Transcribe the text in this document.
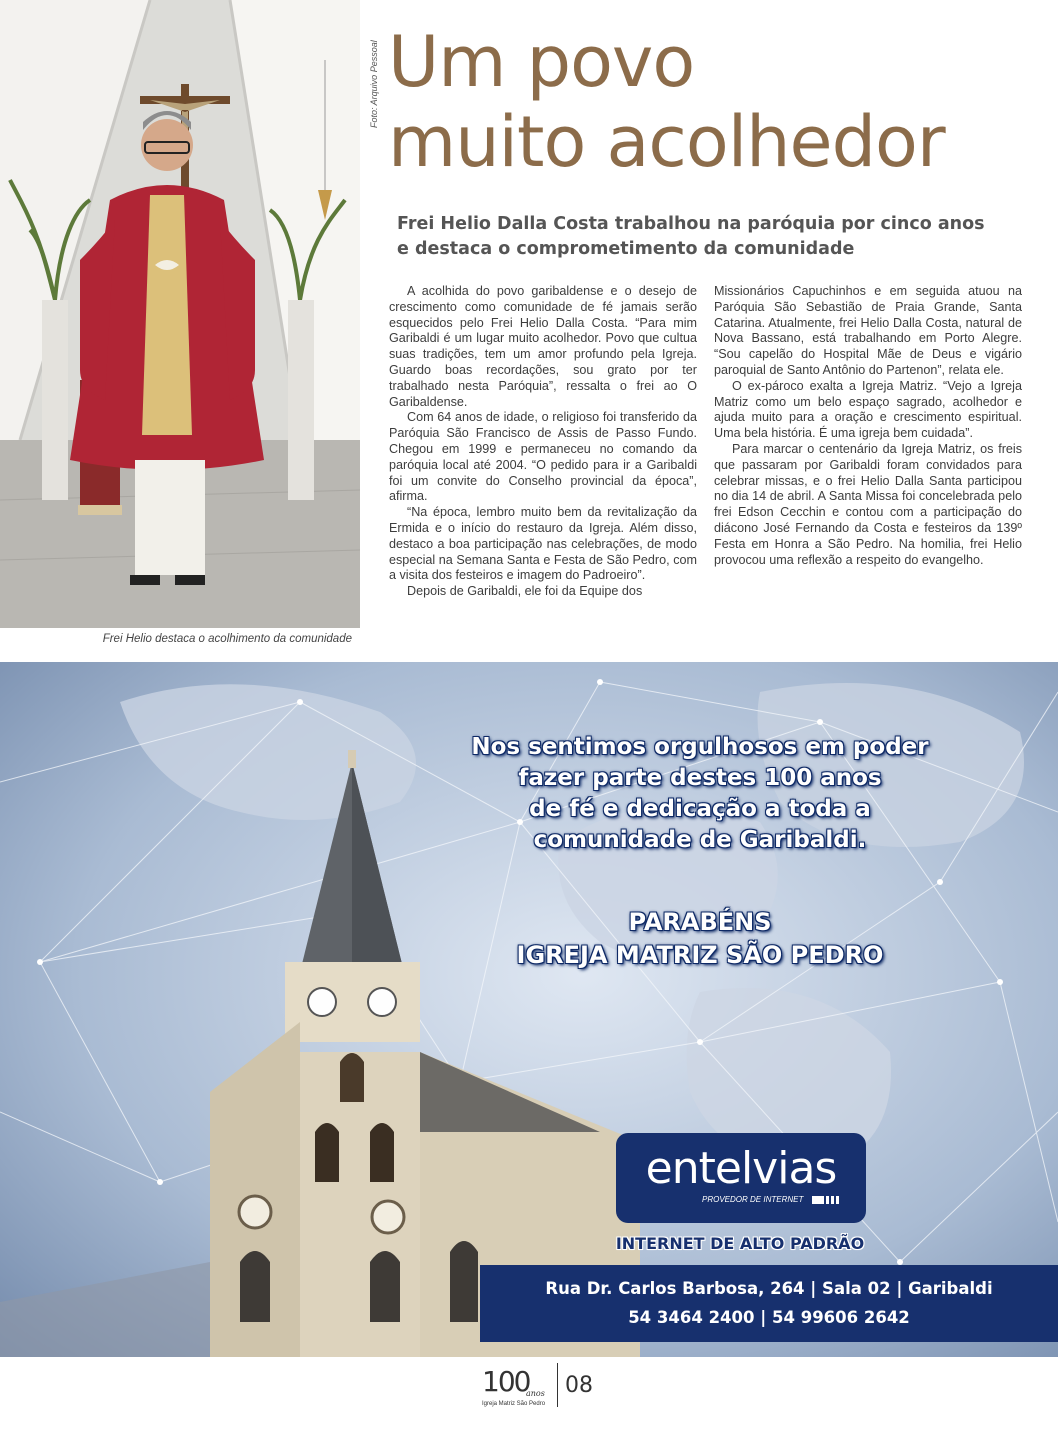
Foto: Arquivo Pessoal
Frei Helio destaca o acolhimento da comunidade
Um povo
muito acolhedor
Frei Helio Dalla Costa trabalhou na paróquia por cinco anos
e destaca o comprometimento da comunidade

A acolhida do povo garibaldense e o desejo de crescimento como comunidade de fé jamais serão esquecidos pelo Frei Helio Dalla Costa. “Para mim Garibaldi é um lugar muito acolhedor. Povo que cultua suas tradições, tem um amor profundo pela Igreja. Guardo boas recordações, sou grato por ter trabalhado nesta Paróquia”, ressalta o frei ao O Garibaldense.

Com 64 anos de idade, o religioso foi transferido da Paróquia São Francisco de Assis de Passo Fundo. Chegou em 1999 e permaneceu no comando da paróquia local até 2004. “O pedido para ir a Garibaldi foi um convite do Conselho provincial da época”, afirma.

“Na época, lembro muito bem da revitalização da Ermida e o início do restauro da Igreja. Além disso, destaco a boa participação nas celebrações, de modo especial na Semana Santa e Festa de São Pedro, com a visita dos festeiros e imagem do Padroeiro”.

Depois de Garibaldi, ele foi da Equipe dos

Missionários Capuchinhos e em seguida atuou na Paróquia São Sebastião de Praia Grande, Santa Catarina. Atualmente, frei Helio Dalla Costa, natural de Nova Bassano, está trabalhando em Porto Alegre. “Sou capelão do Hospital Mãe de Deus e vigário paroquial de Santo Antônio do Partenon”, relata ele.

O ex-pároco exalta a Igreja Matriz. “Vejo a Igreja Matriz como um belo espaço sagrado, acolhedor e ajuda muito para a oração e crescimento espiritual. Uma bela história. É uma igreja bem cuidada”.

Para marcar o centenário da Igreja Matriz, os freis que passaram por Garibaldi foram convidados para celebrar missas, e o frei Helio Dalla Santa participou no dia 14 de abril. A Santa Missa foi concelebrada pelo frei Edson Cecchin e contou com a participação do diácono José Fernando da Costa e festeiros da 139º Festa em Honra a São Pedro. Na homilia, frei Helio provocou uma reflexão a respeito do evangelho.

Nos sentimos orgulhosos em poder
fazer parte destes 100 anos
de fé e dedicação a toda a
comunidade de Garibaldi.

PARABÉNS
IGREJA MATRIZ SÃO PEDRO

entelvias
PROVEDOR DE INTERNET
INTERNET DE ALTO PADRÃO
Rua Dr. Carlos Barbosa, 264 | Sala 02 | Garibaldi
54 3464 2400 | 54 99606 2642
100
anos
Igreja Matriz São Pedro
08
